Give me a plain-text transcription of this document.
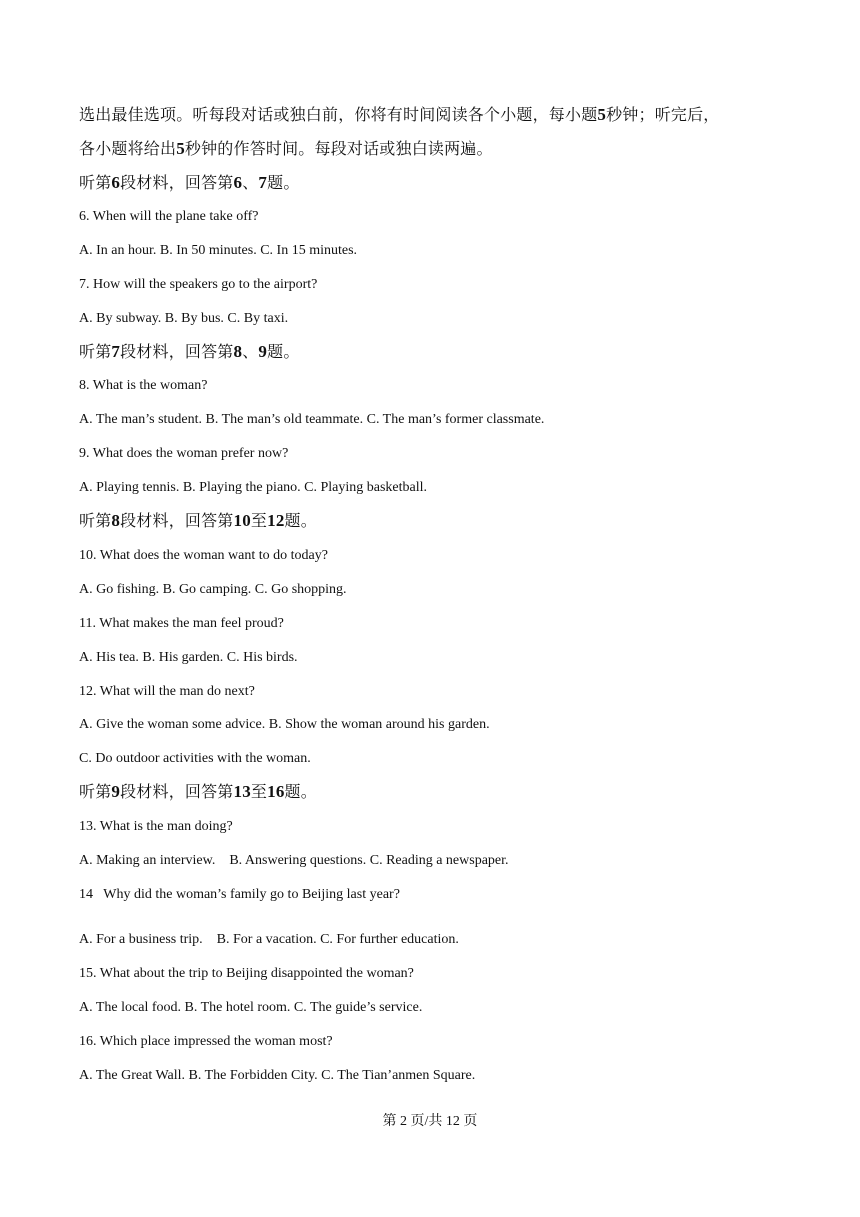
选出最佳选项。听每段对话或独白前，你将有时间阅读各个小题，每小题5秒钟；听完后，
各小题将给出5秒钟的作答时间。每段对话或独白读两遍。
听第6段材料，回答第6、7题。
6. When will the plane take off?
A. In an hour. B. In 50 minutes. C. In 15 minutes.
7. How will the speakers go to the airport?
A. By subway. B. By bus. C. By taxi.
听第7段材料，回答第8、9题。
8. What is the woman?
A. The man’s student. B. The man’s old teammate. C. The man’s former classmate.
9. What does the woman prefer now?
A. Playing tennis. B. Playing the piano. C. Playing basketball.
听第8段材料，回答第10至12题。
10. What does the woman want to do today?
A. Go fishing. B. Go camping. C. Go shopping.
11. What makes the man feel proud?
A. His tea. B. His garden. C. His birds.
12. What will the man do next?
A. Give the woman some advice. B. Show the woman around his garden.
C. Do outdoor activities with the woman.
听第9段材料，回答第13至16题。
13. What is the man doing?
A. Making an interview.    B. Answering questions. C. Reading a newspaper.
14   Why did the woman’s family go to Beijing last year?
A. For a business trip.    B. For a vacation. C. For further education.
15. What about the trip to Beijing disappointed the woman?
A. The local food. B. The hotel room. C. The guide’s service.
16. Which place impressed the woman most?
A. The Great Wall. B. The Forbidden City. C. The Tian’anmen Square.
第 2 页/共 12 页
